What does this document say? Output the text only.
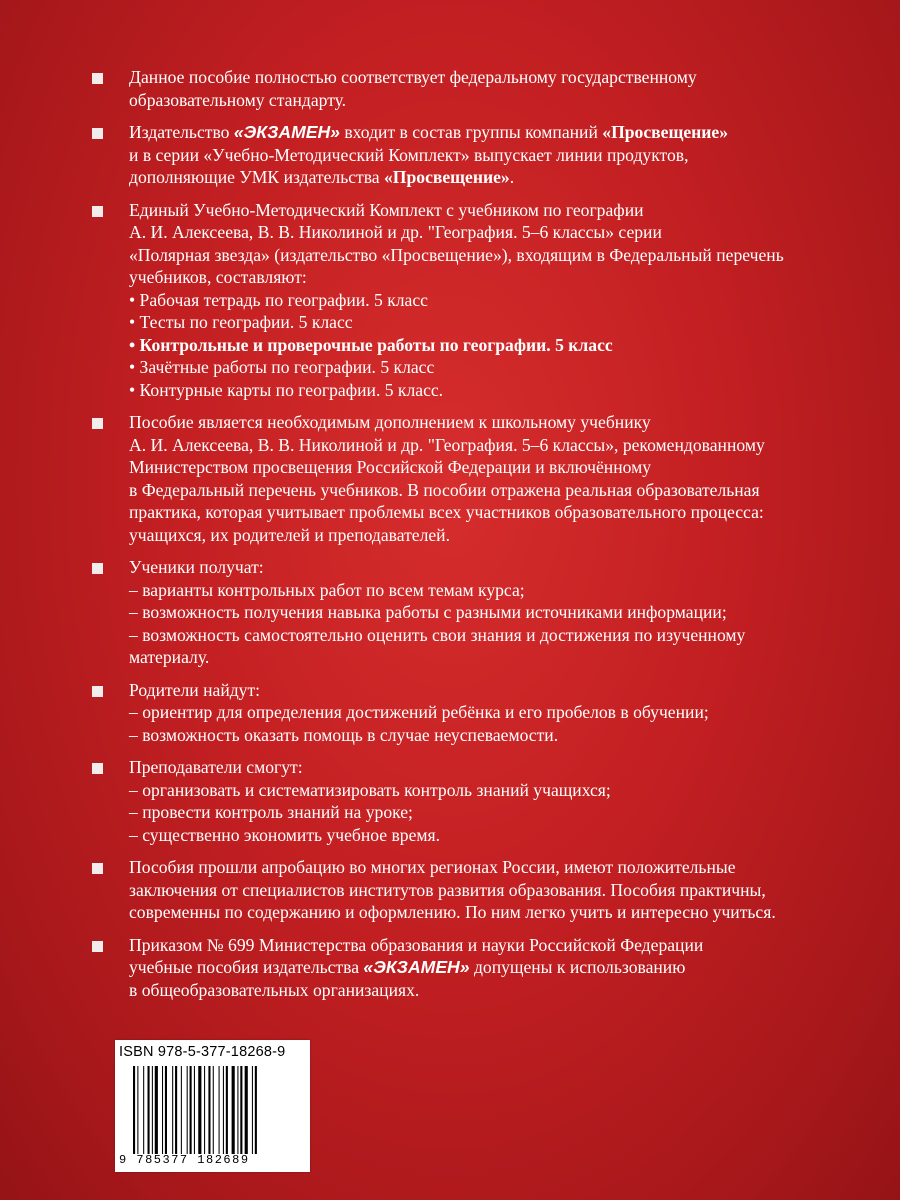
Данное пособие полностью соответствует федеральному государственному
образовательному стандарту.
Издательство «ЭКЗАМЕН» входит в состав группы компаний «Просвещение»
и в серии «Учебно-Методический Комплект» выпускает линии продуктов,
дополняющие УМК издательства «Просвещение».
Единый Учебно-Методический Комплект с учебником по географии
А. И. Алексеева, В. В. Николиной и др. "География. 5–6 классы» серии
«Полярная звезда» (издательство «Просвещение»), входящим в Федеральный перечень
учебников, составляют:
• Рабочая тетрадь по географии. 5 класс
• Тесты по географии. 5 класс
• Контрольные и проверочные работы по географии. 5 класс
• Зачётные работы по географии. 5 класс
• Контурные карты по географии. 5 класс.
Пособие является необходимым дополнением к школьному учебнику
А. И. Алексеева, В. В. Николиной и др. "География. 5–6 классы», рекомендованному
Министерством просвещения Российской Федерации и включённому
в Федеральный перечень учебников. В пособии отражена реальная образовательная
практика, которая учитывает проблемы всех участников образовательного процесса:
учащихся, их родителей и преподавателей.
Ученики получат:
– варианты контрольных работ по всем темам курса;
– возможность получения навыка работы с разными источниками информации;
– возможность самостоятельно оценить свои знания и достижения по изученному
материалу.
Родители найдут:
– ориентир для определения достижений ребёнка и его пробелов в обучении;
– возможность оказать помощь в случае неуспеваемости.
Преподаватели смогут:
– организовать и систематизировать контроль знаний учащихся;
– провести контроль знаний на уроке;
– существенно экономить учебное время.
Пособия прошли апробацию во многих регионах России, имеют положительные
заключения от специалистов институтов развития образования. Пособия практичны,
современны по содержанию и оформлению. По ним легко учить и интересно учиться.
Приказом № 699 Министерства образования и науки Российской Федерации
учебные пособия издательства «ЭКЗАМЕН» допущены к использованию
в общеобразовательных организациях.
ISBN 978-5-377-18268-9
9 785377 182689
